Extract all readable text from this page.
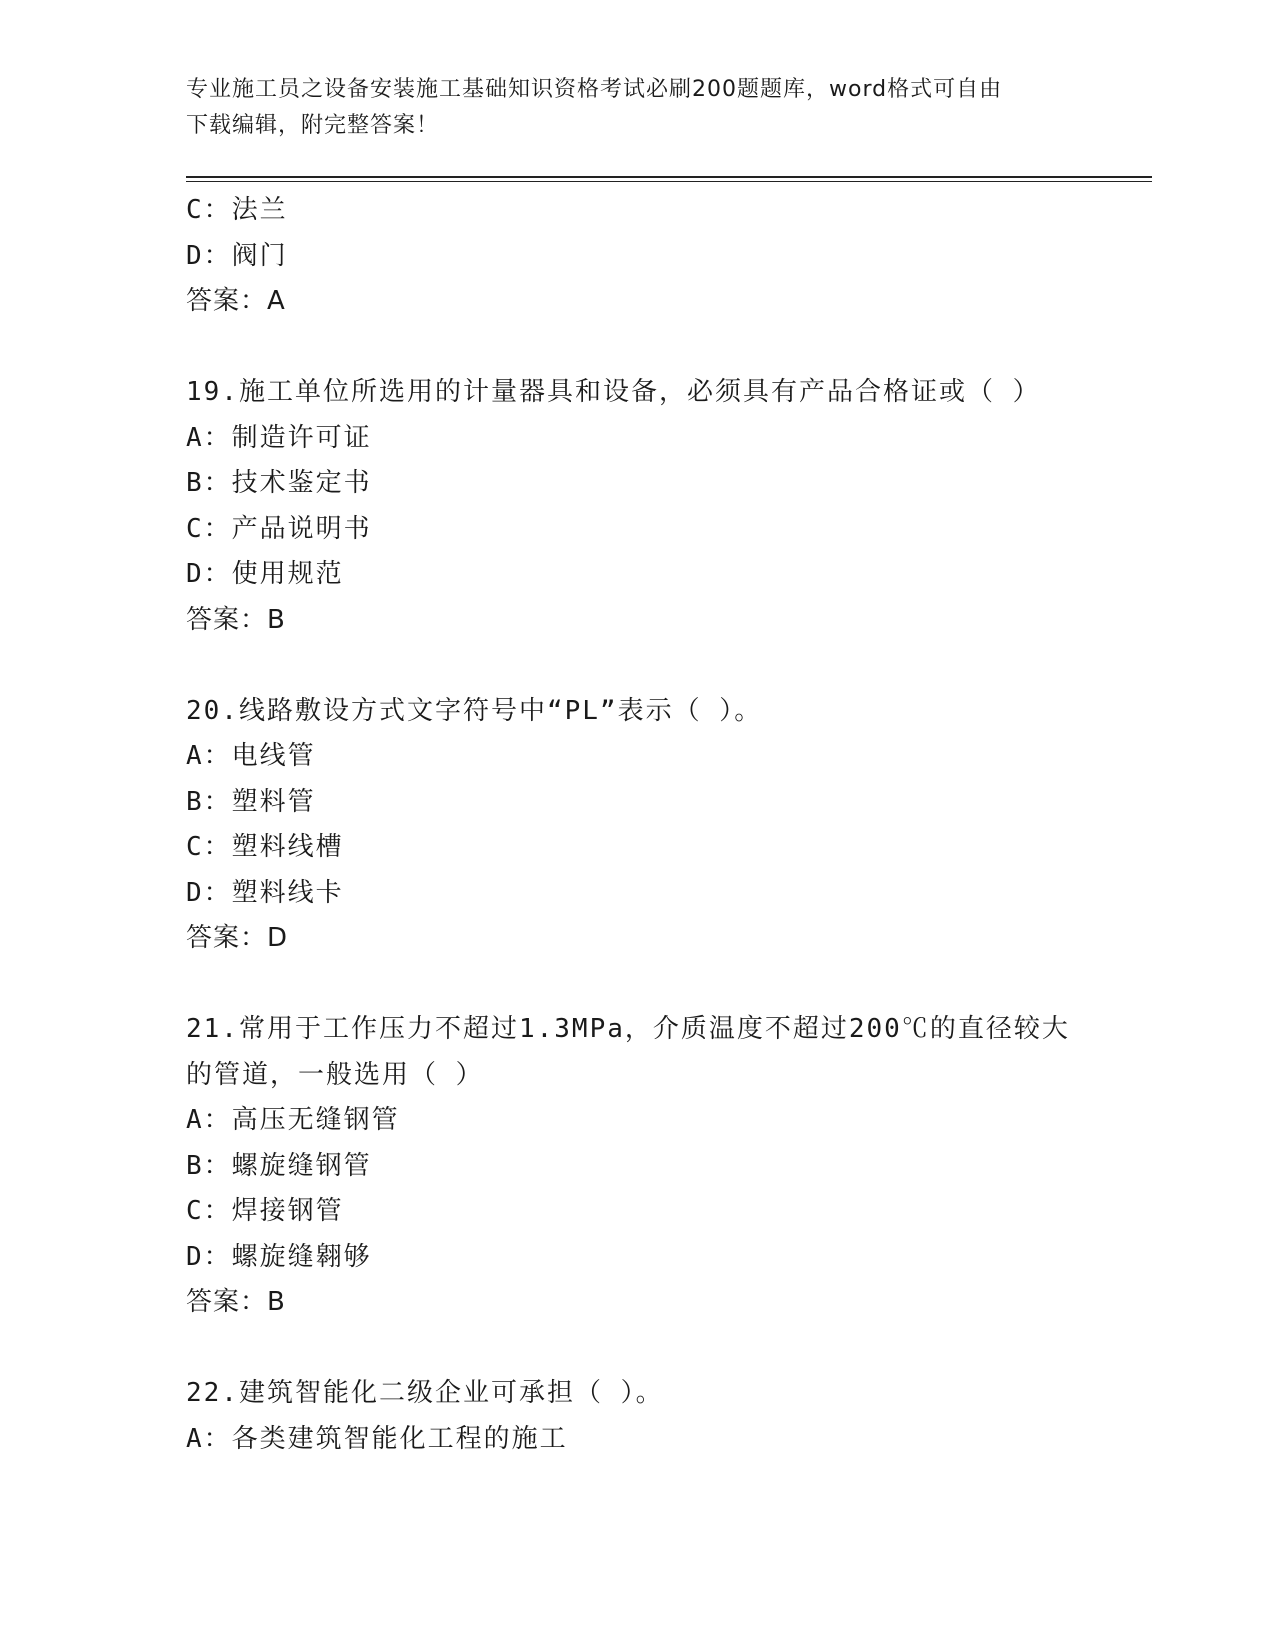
专业施工员之设备安装施工基础知识资格考试必刷200题题库，word格式可自由
下载编辑，附完整答案！
C：法兰
D：阀门
答案：A
19.施工单位所选用的计量器具和设备，必须具有产品合格证或（ ）
A：制造许可证
B：技术鉴定书
C：产品说明书
D：使用规范
答案：B
20.线路敷设方式文字符号中“PL”表示（ ）。
A：电线管
B：塑料管
C：塑料线槽
D：塑料线卡
答案：D
21.常用于工作压力不超过1.3MPa，介质温度不超过200℃的直径较大
的管道，一般选用（ ）
A：高压无缝钢管
B：螺旋缝钢管
C：焊接钢管
D：螺旋缝翱够
答案：B
22.建筑智能化二级企业可承担（ ）。
A：各类建筑智能化工程的施工
